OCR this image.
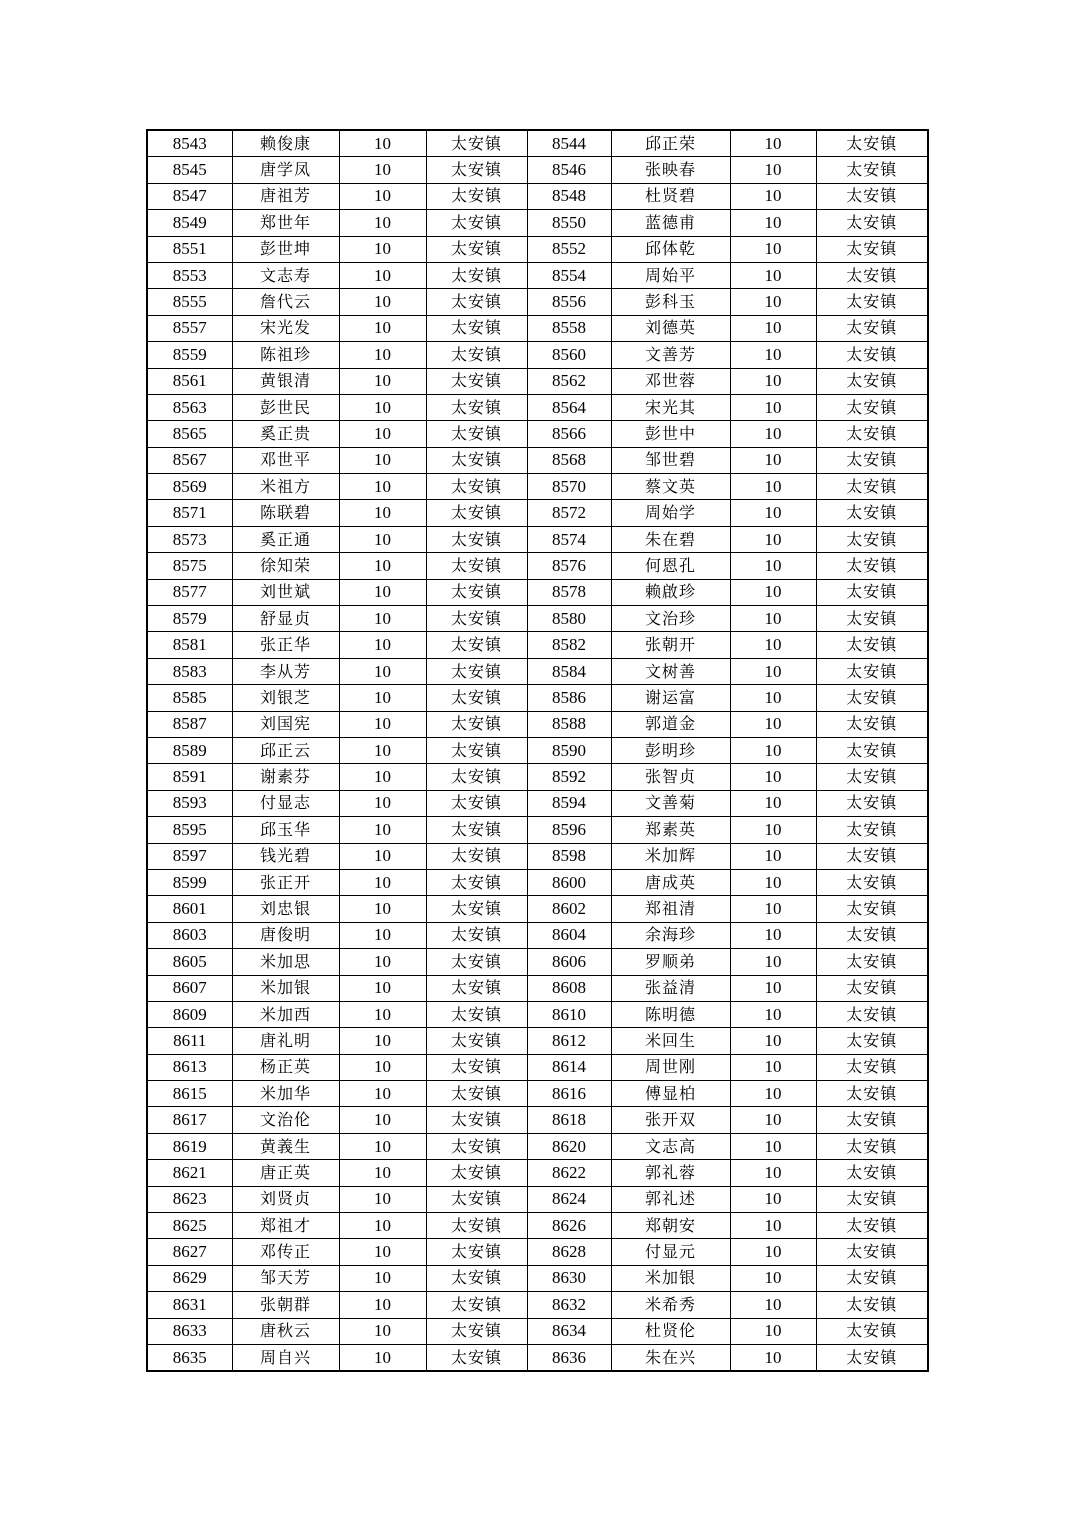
8543	赖俊康	10	太安镇	8544	邱正荣	10	太安镇
8545	唐学凤	10	太安镇	8546	张映春	10	太安镇
8547	唐祖芳	10	太安镇	8548	杜贤碧	10	太安镇
8549	郑世年	10	太安镇	8550	蓝德甫	10	太安镇
8551	彭世坤	10	太安镇	8552	邱体乾	10	太安镇
8553	文志寿	10	太安镇	8554	周始平	10	太安镇
8555	詹代云	10	太安镇	8556	彭科玉	10	太安镇
8557	宋光发	10	太安镇	8558	刘德英	10	太安镇
8559	陈祖珍	10	太安镇	8560	文善芳	10	太安镇
8561	黄银清	10	太安镇	8562	邓世蓉	10	太安镇
8563	彭世民	10	太安镇	8564	宋光其	10	太安镇
8565	奚正贵	10	太安镇	8566	彭世中	10	太安镇
8567	邓世平	10	太安镇	8568	邹世碧	10	太安镇
8569	米祖方	10	太安镇	8570	蔡文英	10	太安镇
8571	陈联碧	10	太安镇	8572	周始学	10	太安镇
8573	奚正通	10	太安镇	8574	朱在碧	10	太安镇
8575	徐知荣	10	太安镇	8576	何恩孔	10	太安镇
8577	刘世斌	10	太安镇	8578	赖啟珍	10	太安镇
8579	舒显贞	10	太安镇	8580	文治珍	10	太安镇
8581	张正华	10	太安镇	8582	张朝开	10	太安镇
8583	李从芳	10	太安镇	8584	文树善	10	太安镇
8585	刘银芝	10	太安镇	8586	谢运富	10	太安镇
8587	刘国宪	10	太安镇	8588	郭道金	10	太安镇
8589	邱正云	10	太安镇	8590	彭明珍	10	太安镇
8591	谢素芬	10	太安镇	8592	张智贞	10	太安镇
8593	付显志	10	太安镇	8594	文善菊	10	太安镇
8595	邱玉华	10	太安镇	8596	郑素英	10	太安镇
8597	钱光碧	10	太安镇	8598	米加辉	10	太安镇
8599	张正开	10	太安镇	8600	唐成英	10	太安镇
8601	刘忠银	10	太安镇	8602	郑祖清	10	太安镇
8603	唐俊明	10	太安镇	8604	余海珍	10	太安镇
8605	米加思	10	太安镇	8606	罗顺弟	10	太安镇
8607	米加银	10	太安镇	8608	张益清	10	太安镇
8609	米加西	10	太安镇	8610	陈明德	10	太安镇
8611	唐礼明	10	太安镇	8612	米回生	10	太安镇
8613	杨正英	10	太安镇	8614	周世刚	10	太安镇
8615	米加华	10	太安镇	8616	傅显柏	10	太安镇
8617	文治伦	10	太安镇	8618	张开双	10	太安镇
8619	黄義生	10	太安镇	8620	文志高	10	太安镇
8621	唐正英	10	太安镇	8622	郭礼蓉	10	太安镇
8623	刘贤贞	10	太安镇	8624	郭礼述	10	太安镇
8625	郑祖才	10	太安镇	8626	郑朝安	10	太安镇
8627	邓传正	10	太安镇	8628	付显元	10	太安镇
8629	邹天芳	10	太安镇	8630	米加银	10	太安镇
8631	张朝群	10	太安镇	8632	米希秀	10	太安镇
8633	唐秋云	10	太安镇	8634	杜贤伦	10	太安镇
8635	周自兴	10	太安镇	8636	朱在兴	10	太安镇
